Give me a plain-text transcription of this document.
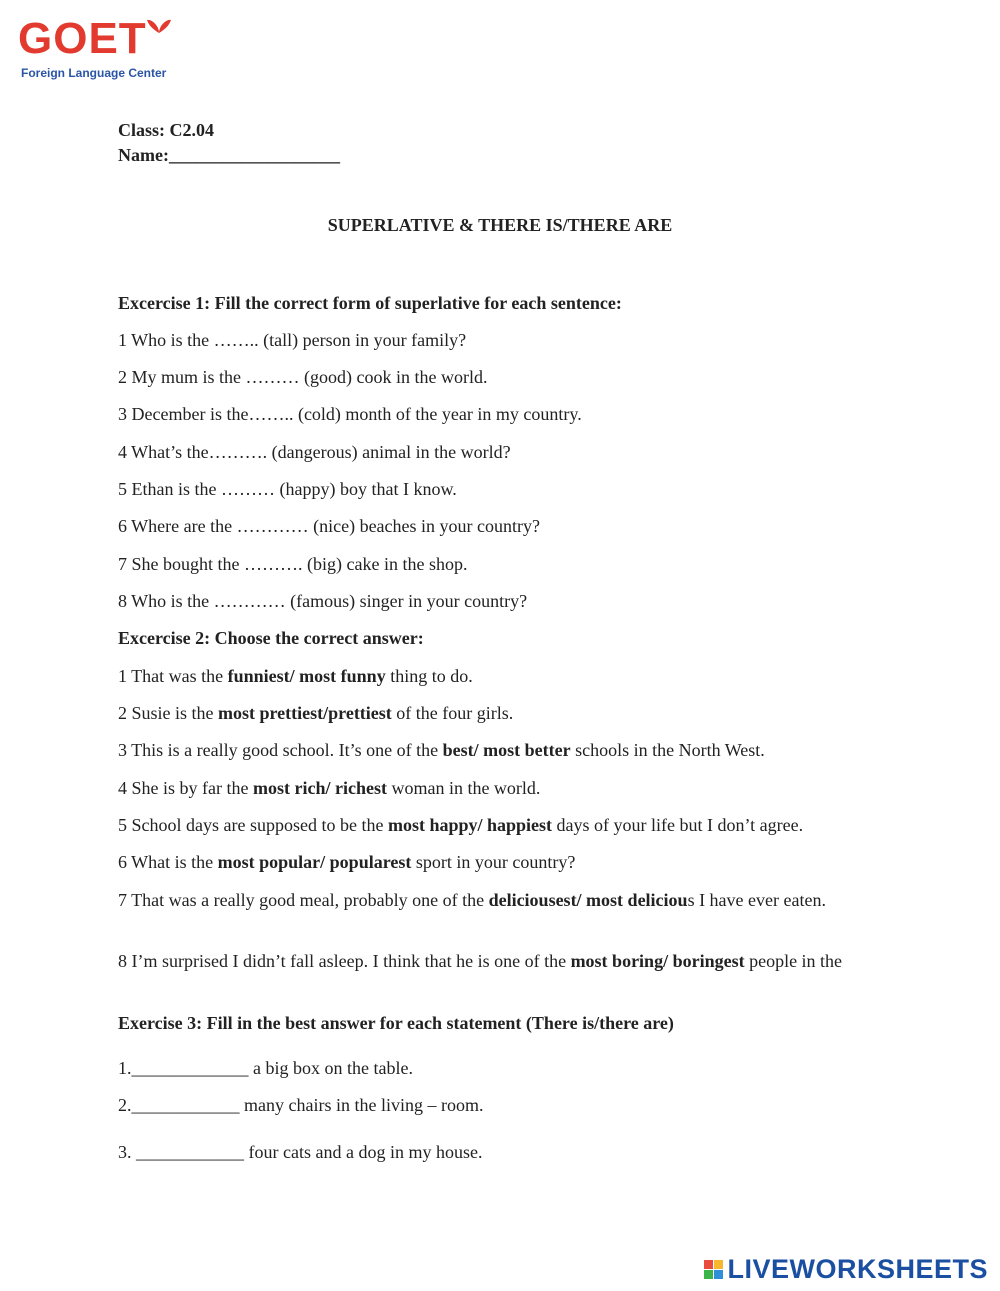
GOET
Foreign Language Center
Class: C2.04
Name:___________________
SUPERLATIVE & THERE IS/THERE ARE
Excercise 1: Fill the correct form of superlative for each sentence:
1 Who is the …….. (tall) person in your family?
2 My mum is the ……… (good) cook in the world.
3 December is the…….. (cold) month of the year in my country.
4 What’s the………. (dangerous) animal in the world?
5 Ethan is the ……… (happy) boy that I know.
6 Where are the ………… (nice) beaches in your country?
7 She bought the ………. (big) cake in the shop.
8 Who is the ………… (famous) singer in your country?
Excercise 2: Choose the correct answer:
1 That was the funniest/ most funny thing to do.
2 Susie is the most prettiest/prettiest of the four girls.
3 This is a really good school. It’s one of the best/ most better schools in the North West.
4 She is by far the most rich/ richest woman in the world.
5 School days are supposed to be the most happy/ happiest days of your life but I don’t agree.
6 What is the most popular/ popularest sport in your country?
7 That was a really good meal, probably one of the deliciousest/ most delicious I have ever eaten.
8 I’m surprised I didn’t fall asleep. I think that he is one of the most boring/ boringest people in the
Exercise 3: Fill in the best answer for each statement (There is/there are)
1._____________ a big box on the table.
2.____________ many chairs in the living – room.
3. ____________ four cats and a dog in my house.
LIVEWORKSHEETS
